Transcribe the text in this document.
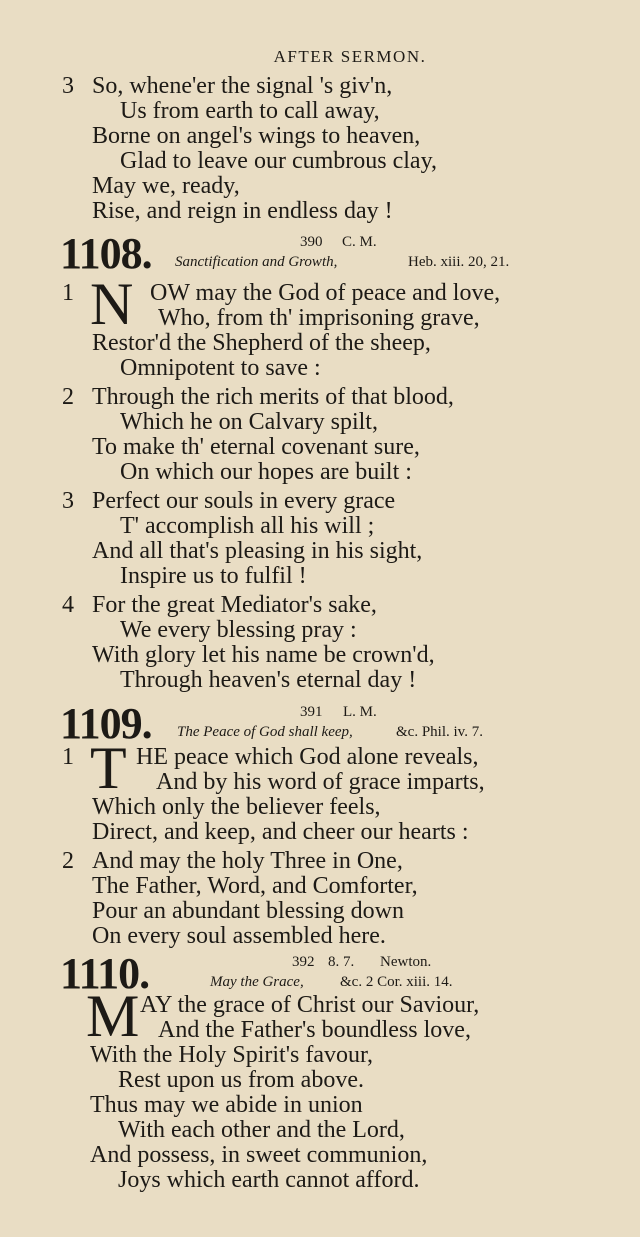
AFTER SERMON.
3 So, whene'er the signal 's giv'n,
Us from earth to call away,
Borne on angel's wings to heaven,
Glad to leave our cumbrous clay,
May we, ready,
Rise, and reign in endless day !
1108.	390 C. M.
Sanctification and Growth,	Heb. xiii. 20, 21.
1 N OW may the God of peace and love,
Who, from th' imprisoning grave,
Restor'd the Shepherd of the sheep,
Omnipotent to save :
2 Through the rich merits of that blood,
Which he on Calvary spilt,
To make th' eternal covenant sure,
On which our hopes are built :
3 Perfect our souls in every grace
T' accomplish all his will ;
And all that's pleasing in his sight,
Inspire us to fulfil !
4 For the great Mediator's sake,
We every blessing pray :
With glory let his name be crown'd,
Through heaven's eternal day !
1109.	391 L. M.
The Peace of God shall keep,	&c. Phil. iv. 7.
1 T HE peace which God alone reveals,
And by his word of grace imparts,
Which only the believer feels,
Direct, and keep, and cheer our hearts :
2 And may the holy Three in One,
The Father, Word, and Comforter,
Pour an abundant blessing down
On every soul assembled here.
1110.	392 8. 7. Newton.
May the Grace, &c. 2 Cor. xiii. 14.
M AY the grace of Christ our Saviour,
And the Father's boundless love,
With the Holy Spirit's favour,
Rest upon us from above.
Thus may we abide in union
With each other and the Lord,
And possess, in sweet communion,
Joys which earth cannot afford.
